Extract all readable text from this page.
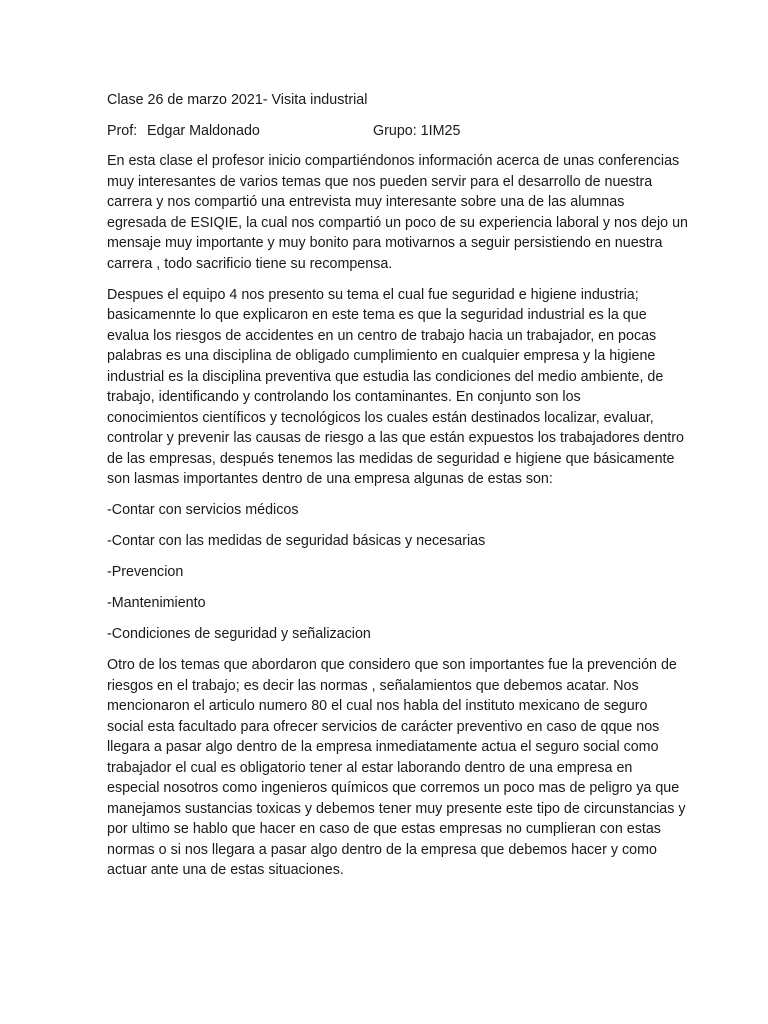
Clase 26 de marzo 2021- Visita industrial
Prof: Edgar Maldonado	Grupo: 1IM25
En esta clase el profesor inicio compartiéndonos información acerca de unas conferencias
muy interesantes de varios temas que nos pueden servir para el desarrollo de nuestra
carrera y nos compartió una entrevista muy interesante sobre una de las alumnas
egresada de ESIQIE, la cual nos compartió un poco de su experiencia laboral y nos dejo un
mensaje muy importante y muy bonito para motivarnos a seguir persistiendo en nuestra
carrera , todo sacrificio tiene su recompensa.
Despues el equipo 4 nos presento su tema el cual fue seguridad e higiene industria;
basicamennte lo que explicaron en este tema es que la seguridad industrial es la que
evalua los riesgos de accidentes en un centro de trabajo hacia un trabajador, en pocas
palabras es una disciplina de obligado cumplimiento en cualquier empresa y la higiene
industrial es la disciplina preventiva que estudia las condiciones del medio ambiente, de
trabajo, identificando y controlando los contaminantes. En conjunto son los
conocimientos científicos y tecnológicos los cuales están destinados localizar, evaluar,
controlar y prevenir las causas de riesgo a las que están expuestos los trabajadores dentro
de las empresas, después tenemos las medidas de seguridad e higiene que básicamente
son lasmas importantes dentro de una empresa algunas de estas son:
-Contar con servicios médicos
-Contar con las medidas de seguridad básicas y necesarias
-Prevencion
-Mantenimiento
-Condiciones de seguridad y señalizacion
Otro de los temas que abordaron que considero que son importantes fue la prevención de
riesgos en el trabajo; es decir las normas , señalamientos que debemos acatar. Nos
mencionaron el articulo numero 80 el cual nos habla del instituto mexicano de seguro
social esta facultado para ofrecer servicios de carácter preventivo en caso de qque nos
llegara a pasar algo dentro de la empresa inmediatamente actua el seguro social como
trabajador el cual es obligatorio tener al estar laborando dentro de una empresa en
especial nosotros como ingenieros químicos que corremos un poco mas de peligro ya que
manejamos sustancias toxicas y debemos tener muy presente este tipo de circunstancias y
por ultimo se hablo que hacer en caso de que estas empresas no cumplieran con estas
normas o si nos llegara a pasar algo dentro de la empresa que debemos hacer y como
actuar ante una de estas situaciones.
